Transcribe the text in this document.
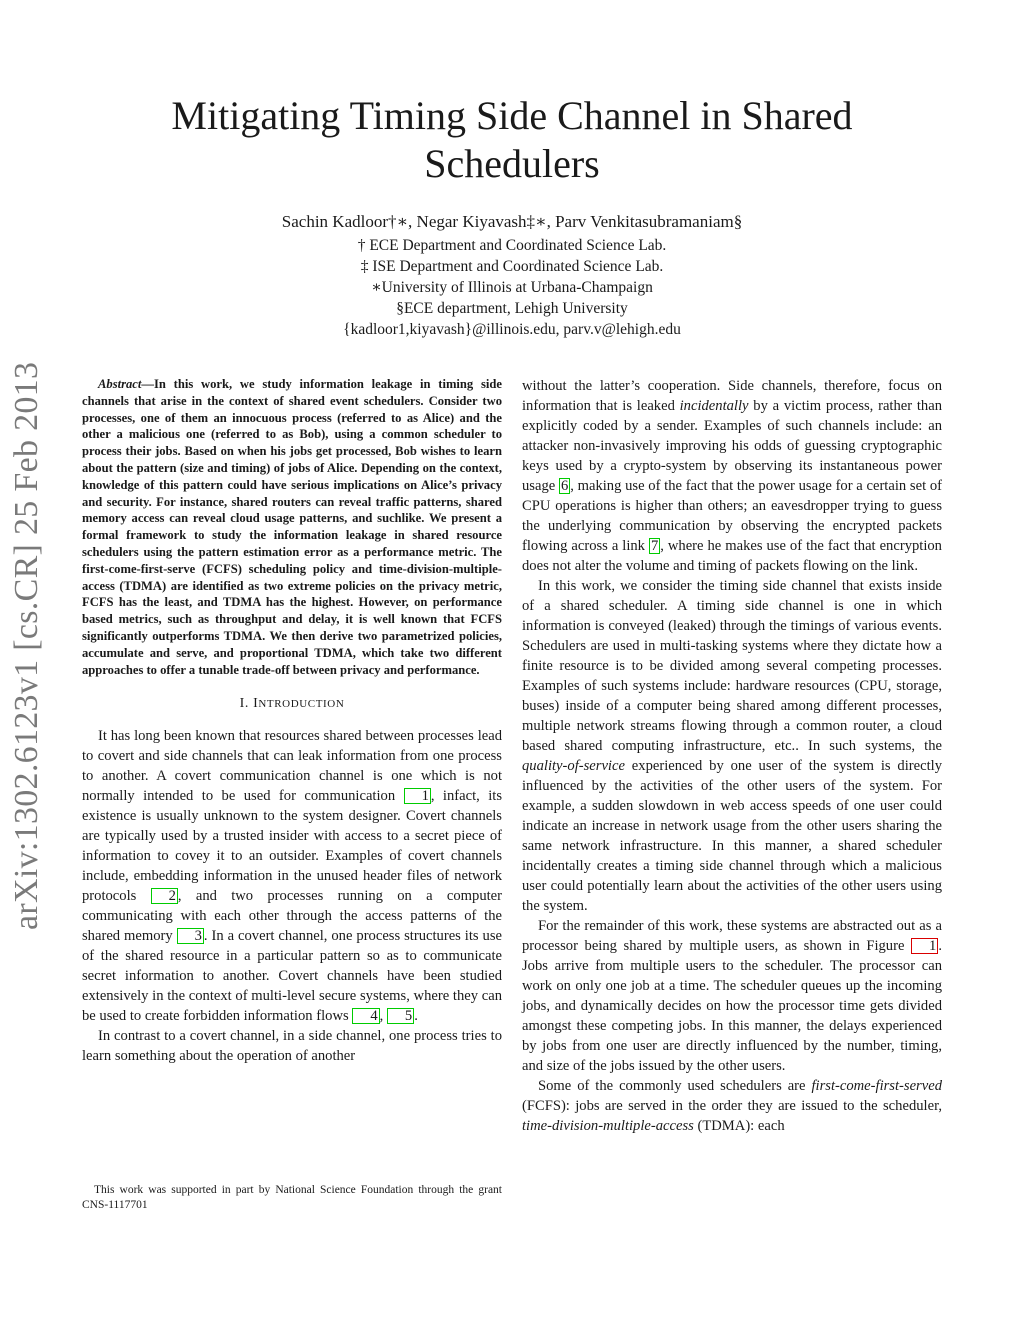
arXiv:1302.6123v1 [cs.CR] 25 Feb 2013
Mitigating Timing Side Channel in Shared Schedulers
Sachin Kadloor†∗, Negar Kiyavash‡∗, Parv Venkitasubramaniam§
† ECE Department and Coordinated Science Lab.
‡ ISE Department and Coordinated Science Lab.
∗University of Illinois at Urbana-Champaign
§ECE department, Lehigh University
{kadloor1,kiyavash}@illinois.edu, parv.v@lehigh.edu

Abstract—In this work, we study information leakage in timing side channels that arise in the context of shared event schedulers. Consider two processes, one of them an innocuous process (referred to as Alice) and the other a malicious one (referred to as Bob), using a common scheduler to process their jobs. Based on when his jobs get processed, Bob wishes to learn about the pattern (size and timing) of jobs of Alice. Depending on the context, knowledge of this pattern could have serious implications on Alice’s privacy and security. For instance, shared routers can reveal traffic patterns, shared memory access can reveal cloud usage patterns, and suchlike. We present a formal framework to study the information leakage in shared resource schedulers using the pattern estimation error as a performance metric. The first-come-first-serve (FCFS) scheduling policy and time-division-multiple-access (TDMA) are identified as two extreme policies on the privacy metric, FCFS has the least, and TDMA has the highest. However, on performance based metrics, such as throughput and delay, it is well known that FCFS significantly outperforms TDMA. We then derive two parametrized policies, accumulate and serve, and proportional TDMA, which take two different approaches to offer a tunable trade-off between privacy and performance.

I. INTRODUCTION

It has long been known that resources shared between processes lead to covert and side channels that can leak information from one process to another. A covert communication channel is one which is not normally intended to be used for communication 1 , infact, its existence is usually unknown to the system designer. Covert channels are typically used by a trusted insider with access to a secret piece of information to covey it to an outsider. Examples of covert channels include, embedding information in the unused header files of network protocols 2 , and two processes running on a computer communicating with each other through the access patterns of the shared memory 3 . In a covert channel, one process structures its use of the shared resource in a particular pattern so as to communicate secret information to another. Covert channels have been studied extensively in the context of multi-level secure systems, where they can be used to create forbidden information flows 4 , 5 .

In contrast to a covert channel, in a side channel, one process tries to learn something about the operation of another

This work was supported in part by National Science Foundation through the grant CNS-1117701

without the latter’s cooperation. Side channels, therefore, focus on information that is leaked incidentally by a victim process, rather than explicitly coded by a sender. Examples of such channels include: an attacker non-invasively improving his odds of guessing cryptographic keys used by a crypto-system by observing its instantaneous power usage 6 , making use of the fact that the power usage for a certain set of CPU operations is higher than others; an eavesdropper trying to guess the underlying communication by observing the encrypted packets flowing across a link 7 , where he makes use of the fact that encryption does not alter the volume and timing of packets flowing on the link.

In this work, we consider the timing side channel that exists inside of a shared scheduler. A timing side channel is one in which information is conveyed (leaked) through the timings of various events. Schedulers are used in multi-tasking systems where they dictate how a finite resource is to be divided among several competing processes. Examples of such systems include: hardware resources (CPU, storage, buses) inside of a computer being shared among different processes, multiple network streams flowing through a common router, a cloud based shared computing infrastructure, etc.. In such systems, the quality-of-service experienced by one user of the system is directly influenced by the activities of the other users of the system. For example, a sudden slowdown in web access speeds of one user could indicate an increase in network usage from the other users sharing the same network infrastructure. In this manner, a shared scheduler incidentally creates a timing side channel through which a malicious user could potentially learn about the activities of the other users using the system.

For the remainder of this work, these systems are abstracted out as a processor being shared by multiple users, as shown in Figure 1 . Jobs arrive from multiple users to the scheduler. The processor can work on only one job at a time. The scheduler queues up the incoming jobs, and dynamically decides on how the processor time gets divided amongst these competing jobs. In this manner, the delays experienced by jobs from one user are directly influenced by the number, timing, and size of the jobs issued by the other users.

Some of the commonly used schedulers are first-come-first-served (FCFS): jobs are served in the order they are issued to the scheduler, time-division-multiple-access (TDMA): each
